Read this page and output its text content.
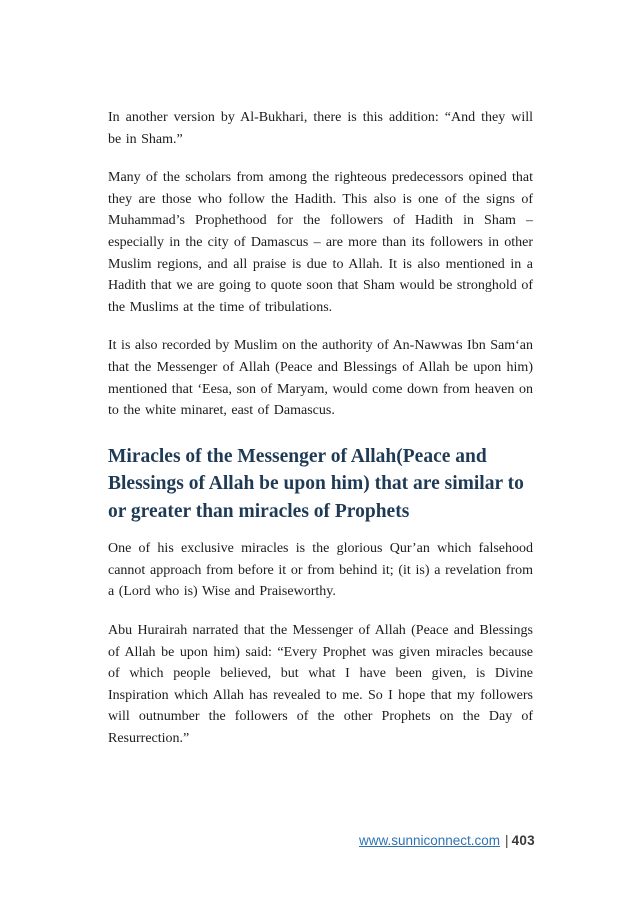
In another version by Al-Bukhari, there is this addition: “And they will be in Sham.”

Many of the scholars from among the righteous predecessors opined that they are those who follow the Hadith. This also is one of the signs of Muhammad’s Prophethood for the followers of Hadith in Sham – especially in the city of Damascus – are more than its followers in other Muslim regions, and all praise is due to Allah. It is also mentioned in a Hadith that we are going to quote soon that Sham would be stronghold of the Muslims at the time of tribulations.

It is also recorded by Muslim on the authority of An-Nawwas Ibn Sam‘an that the Messenger of Allah (Peace and Blessings of Allah be upon him) mentioned that ‘Eesa, son of Maryam, would come down from heaven on to the white minaret, east of Damascus.

Miracles of the Messenger of Allah(Peace and Blessings of Allah be upon him) that are similar to or greater than miracles of Prophets

One of his exclusive miracles is the glorious Qur’an which falsehood cannot approach from before it or from behind it; (it is) a revelation from a (Lord who is) Wise and Praiseworthy.

Abu Hurairah narrated that the Messenger of Allah (Peace and Blessings of Allah be upon him) said: “Every Prophet was given miracles because of which people believed, but what I have been given, is Divine Inspiration which Allah has revealed to me. So I hope that my followers will outnumber the followers of the other Prophets on the Day of Resurrection.”

www.sunniconnect.com | 403
